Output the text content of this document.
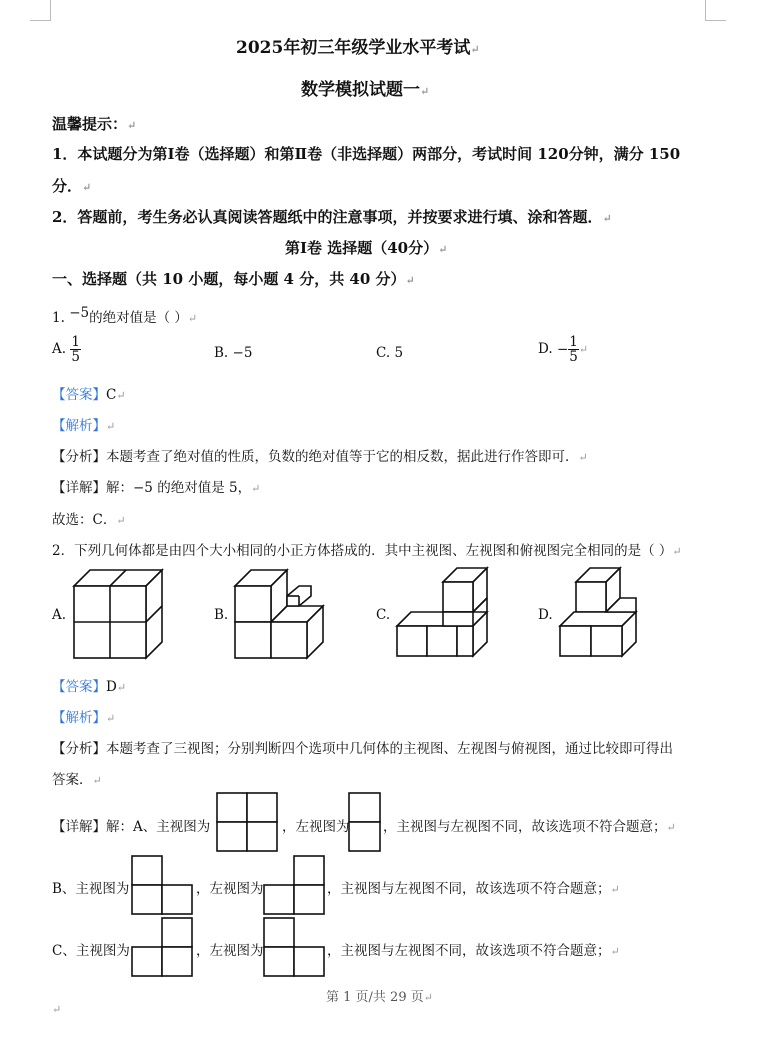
2025年初三年级学业水平考试↵
数学模拟试题一↵
温馨提示：↵
1．本试题分为第Ⅰ卷（选择题）和第Ⅱ卷（非选择题）两部分，考试时间 120分钟，满分 150
分．↵
2．答题前，考生务必认真阅读答题纸中的注意事项，并按要求进行填、涂和答题．↵
第Ⅰ卷 选择题（40分）↵
一、选择题（共 10 小题，每小题 4 分，共 40 分）↵
1. −5的绝对值是（ ）↵
A. $\frac{1}{5}$	B. −5	C. 5	D. − $\frac{1}{5}$ ↵
【答案】C↵
【解析】↵
【分析】本题考查了绝对值的性质，负数的绝对值等于它的相反数，据此进行作答即可．↵
【详解】解：−5 的绝对值是 5，↵
故选：C．↵
2．下列几何体都是由四个大小相同的小正方体搭成的．其中主视图、左视图和俯视图完全相同的是（ ）↵
A.	B.	C.	D.
【答案】D↵
【解析】↵
【分析】本题考查了三视图；分别判断四个选项中几何体的主视图、左视图与俯视图，通过比较即可得出
答案．↵
【详解】解：A、主视图为	，左视图为 ，主视图与左视图不同，故该选项不符合题意；↵
B、主视图为	，左视图为	，主视图与左视图不同，故该选项不符合题意；↵
C、主视图为	，左视图为	，主视图与左视图不同，故该选项不符合题意；↵
第 1 页/共 29 页↵
↵
